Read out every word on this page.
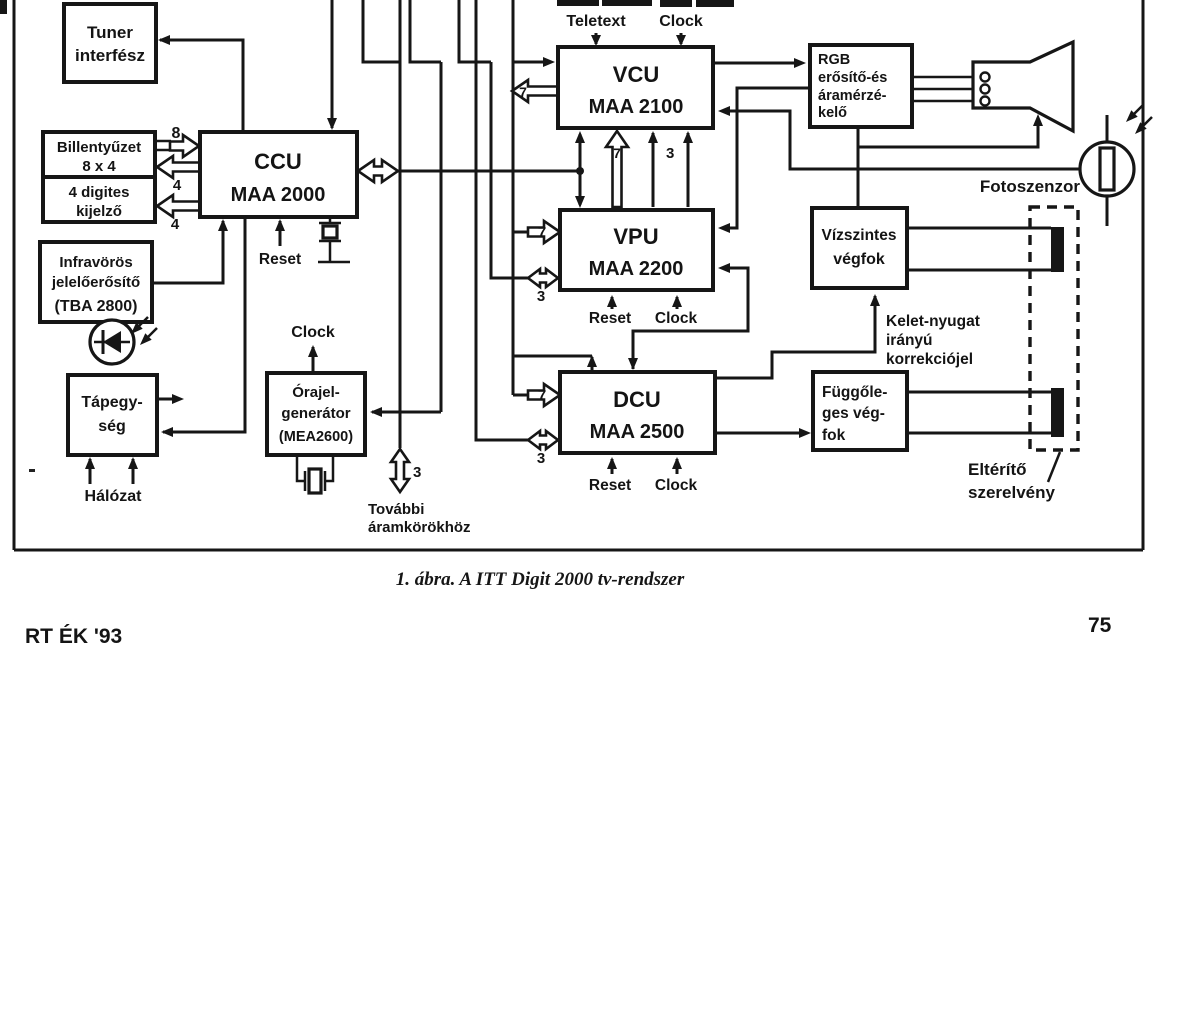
Tuner
interfész
Billentyűzet
8 x 4
4 digites
kijelző
CCU
MAA 2000
Infravörös
jelelőerősítő
(TBA 2800)
Tápegy-
ség
Órajel-
generátor
(MEA2600)
VCU
MAA 2100
VPU
MAA 2200
DCU
MAA 2500
RGB
erősítő-és
áramérzé-
kelő
Vízszintes
végfok
Függőle-
ges vég-
fok
Teletext Clock
Reset
Reset Clock
Reset Clock
Clock
Hálózat
Fotoszenzor
Kelet-nyugat
irányú
korrekciójel
Eltérítő
szerelvény
További
áramkörökhöz
8
4
4
7
7	3
7
3
7
3
3
1. ábra. A ITT Digit 2000 tv-rendszer
RT ÉK '93	75
